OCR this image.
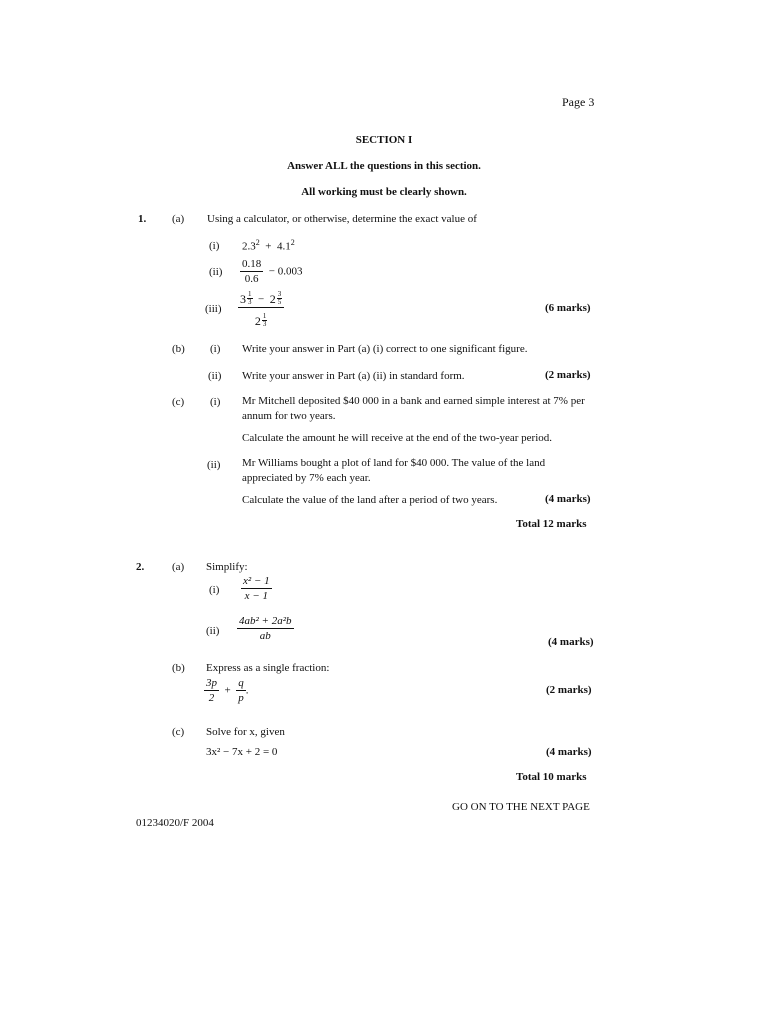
Page 3
SECTION I
Answer ALL the questions in this section.
All working must be clearly shown.
1. (a) Using a calculator, or otherwise, determine the exact value of
(i) $2.3^2 + 4.1^2$
$(ii) \frac{0.18}{0.6} - 0.003$
(iii) 3 1
3 − 2 3
5
2 1
3	(6 marks)
(b) (i) Write your answer in Part (a) (i) correct to one significant figure.
(ii) Write your answer in Part (a) (ii) in standard form.	(2 marks)
(c) (i) Mr Mitchell deposited $40 000 in a bank and earned simple interest at 7% per
annum for two years.
Calculate the amount he will receive at the end of the two-year period.
(ii) Mr Williams bought a plot of land for $40 000. The value of the land
appreciated by 7% each year.
Calculate the value of the land after a period of two years.	(4 marks)
Total 12 marks
2.	(a) Simplify:
$(i) \frac{\text{x² − 1}}{x - 1}$
$(ii) \frac{\text{4ab² + 2a²b}}{ab}$	(4 marks)
(b) Express as a single fraction:
$\frac{3p}{2} + \frac{q}{p}$ .	(2 marks)
(c) Solve for x, given
3x² − 7x + 2 = 0	(4 marks)
Total 10 marks
GO ON TO THE NEXT PAGE
01234020/F 2004
